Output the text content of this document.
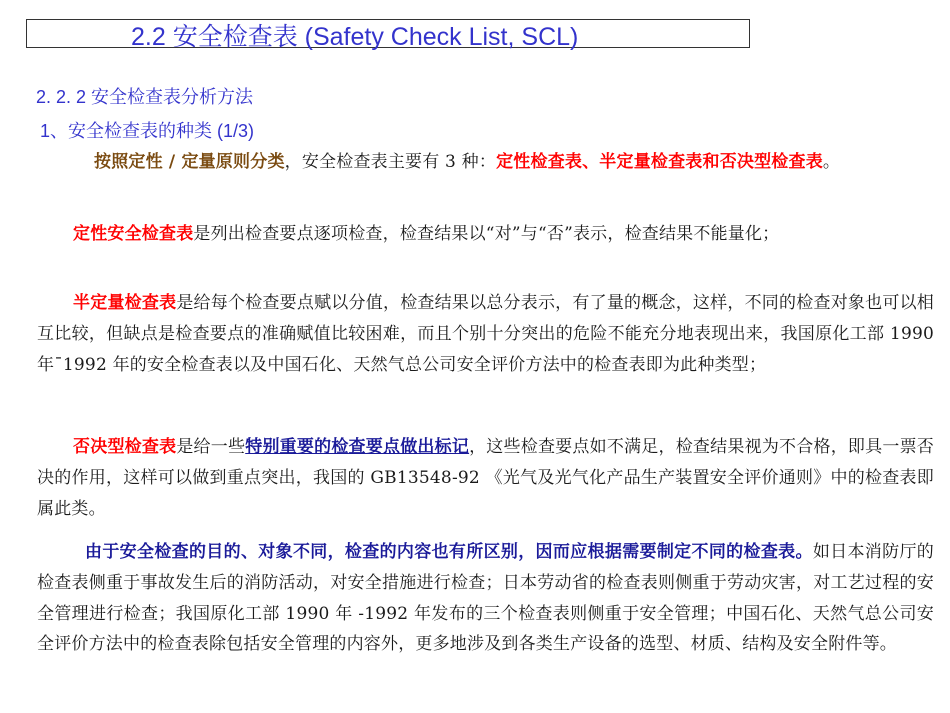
2.2 安全检查表 (Safety Check List, SCL)
2. 2. 2 安全检查表分析方法
1、安全检查表的种类 (1/3)
按照定性 / 定量原则分类，安全检查表主要有 3 种：定性检查表、半定量检查表和否决型检查表。
定性安全检查表是列出检查要点逐项检查，检查结果以“对”与“否”表示，检查结果不能量化；
半定量检查表是给每个检查要点赋以分值，检查结果以总分表示，有了量的概念，这样，不同的检查对象也可以相互比较，但缺点是检查要点的准确赋值比较困难，而且个别十分突出的危险不能充分地表现出来，我国原化工部 1990 年¯1992 年的安全检查表以及中国石化、天然气总公司安全评价方法中的检查表即为此种类型；
否决型检查表是给一些特别重要的检查要点做出标记，这些检查要点如不满足，检查结果视为不合格，即具一票否决的作用，这样可以做到重点突出，我国的 GB13548-92 《光气及光气化产品生产装置安全评价通则》中的检查表即属此类。
由于安全检查的目的、对象不同，检查的内容也有所区别，因而应根据需要制定不同的检查表。如日本消防厅的检查表侧重于事故发生后的消防活动，对安全措施进行检查；日本劳动省的检查表则侧重于劳动灾害，对工艺过程的安全管理进行检查；我国原化工部 1990 年 -1992 年发布的三个检查表则侧重于安全管理；中国石化、天然气总公司安全评价方法中的检查表除包括安全管理的内容外，更多地涉及到各类生产设备的选型、材质、结构及安全附件等。
